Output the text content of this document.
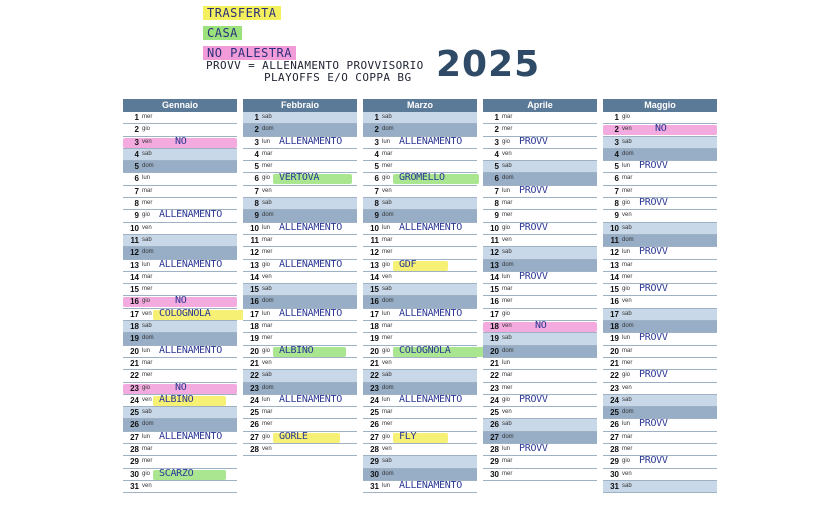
TRASFERTA
CASA
NO PALESTRA
PROVV = ALLENAMENTO PROVVISORIO
PLAYOFFS E/O COPPA BG 2025
Gennaio
1 mer
2 gio
3 ven NO
4 sab
5 dom
6 lun
7 mar
8 mer
9 gio ALLENAMENTO
10 ven
11 sab
12 dom
13 lun ALLENAMENTO
14 mar
15 mer
16 gio NO
17 ven COLOGNOLA
18 sab
19 dom
20 lun ALLENAMENTO
21 mar
22 mer
23 gio NO
24 ven ALBINO
25 sab
26 dom
27 lun ALLENAMENTO
28 mar
29 mer
30 gio SCARZO
31 ven
Febbraio
1 sab
2 dom
3 lun ALLENAMENTO
4 mar
5 mer
6 gio VERTOVA
7 ven
8 sab
9 dom
10 lun ALLENAMENTO
11 mar
12 mer
13 gio ALLENAMENTO
14 ven
15 sab
16 dom
17 lun ALLENAMENTO
18 mar
19 mer
20 gio ALBINO
21 ven
22 sab
23 dom
24 lun ALLENAMENTO
25 mar
26 mer
27 gio GORLE
28 ven
Marzo
1 sab
2 dom
3 lun ALLENAMENTO
4 mar
5 mer
6 gio GROMELLO
7 ven
8 sab
9 dom
10 lun ALLENAMENTO
11 mar
12 mer
13 gio GDF
14 ven
15 sab
16 dom
17 lun ALLENAMENTO
18 mar
19 mer
20 gio COLOGNOLA
21 ven
22 sab
23 dom
24 lun ALLENAMENTO
25 mar
26 mer
27 gio FLY
28 ven
29 sab
30 dom
31 lun ALLENAMENTO
Aprile
1 mar
2 mer
3 gio PROVV
4 ven
5 sab
6 dom
7 lun PROVV
8 mar
9 mer
10 gio PROVV
11 ven
12 sab
13 dom
14 lun PROVV
15 mar
16 mer
17 gio
18 ven NO
19 sab
20 dom
21 lun
22 mar
23 mer
24 gio PROVV
25 ven
26 sab
27 dom
28 lun PROVV
29 mar
30 mer
Maggio
1 gio
2 ven NO
3 sab
4 dom
5 lun PROVV
6 mar
7 mer
8 gio PROVV
9 ven
10 sab
11 dom
12 lun PROVV
13 mar
14 mer
15 gio PROVV
16 ven
17 sab
18 dom
19 lun PROVV
20 mar
21 mer
22 gio PROVV
23 ven
24 sab
25 dom
26 lun PROVV
27 mar
28 mer
29 gio PROVV
30 ven
31 sab
